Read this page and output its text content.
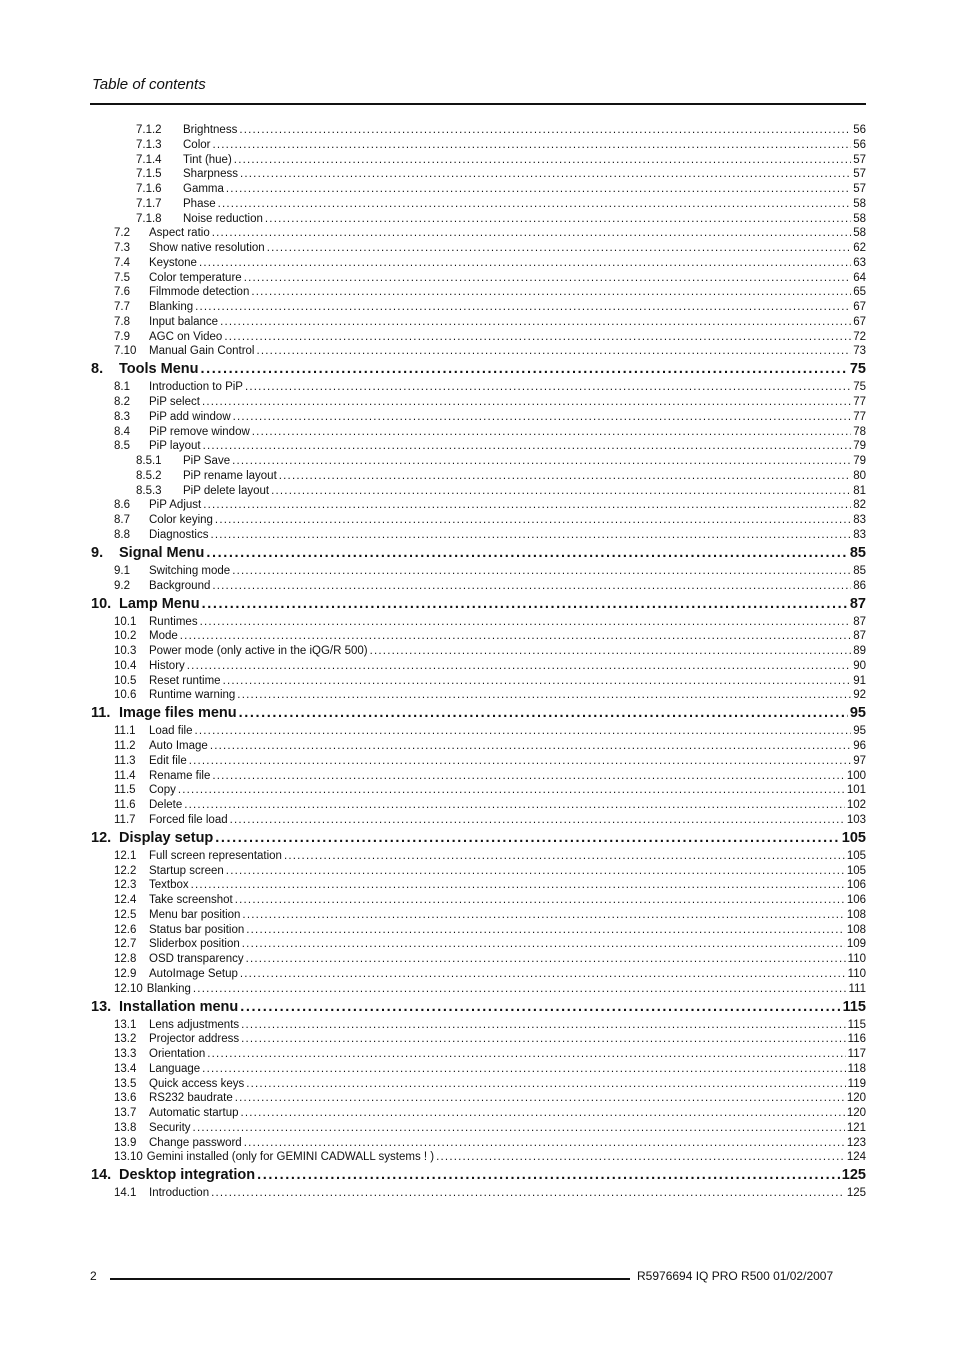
Table of contents
7.1.2	Brightness .....	56
7.1.3	Color .....	56
7.1.4	Tint (hue) .....	57
7.1.5	Sharpness .....	57
7.1.6	Gamma .....	57
7.1.7	Phase .....	58
7.1.8	Noise reduction .....	58
7.2	Aspect ratio .....	58
7.3	Show native resolution .....	62
7.4	Keystone .....	63
7.5	Color temperature .....	64
7.6	Filmmode detection .....	65
7.7	Blanking .....	67
7.8	Input balance .....	67
7.9	AGC on Video .....	72
7.10	Manual Gain Control .....	73
8.	Tools Menu .....	75
8.1	Introduction to PiP .....	75
8.2	PiP select .....	77
8.3	PiP add window .....	77
8.4	PiP remove window .....	78
8.5	PiP layout .....	79
8.5.1	PiP Save .....	79
8.5.2	PiP rename layout .....	80
8.5.3	PiP delete layout .....	81
8.6	PiP Adjust .....	82
8.7	Color keying .....	83
8.8	Diagnostics .....	83
9.	Signal Menu .....	85
9.1	Switching mode .....	85
9.2	Background .....	86
10. Lamp Menu .....	87
10.1	Runtimes .....	87
10.2	Mode .....	87
10.3	Power mode (only active in the iQG/R 500) .....	89
10.4	History .....	90
10.5	Reset runtime .....	91
10.6	Runtime warning .....	92
11. Image files menu .....	95
11.1	Load file .....	95
11.2	Auto Image .....	96
11.3	Edit file .....	97
11.4	Rename file .....	100
11.5	Copy .....	101
11.6	Delete .....	102
11.7	Forced file load .....	103
12. Display setup .....	105
12.1	Full screen representation .....	105
12.2	Startup screen .....	105
12.3	Textbox .....	106
12.4	Take screenshot .....	106
12.5	Menu bar position .....	108
12.6	Status bar position .....	108
12.7	Sliderbox position .....	109
12.8	OSD transparency .....	110
12.9	AutoImage Setup .....	110
12.10 Blanking .....	111
13. Installation menu .....	115
13.1	Lens adjustments .....	115
13.2	Projector address .....	116
13.3	Orientation .....	117
13.4	Language .....	118
13.5	Quick access keys .....	119
13.6	RS232 baudrate .....	120
13.7	Automatic startup .....	120
13.8	Security .....	121
13.9	Change password .....	123
13.10 Gemini installed (only for GEMINI CADWALL systems ! ) .....	124
14. Desktop integration .....	125
14.1	Introduction .....	125
2	R5976694 IQ PRO R500 01/02/2007
